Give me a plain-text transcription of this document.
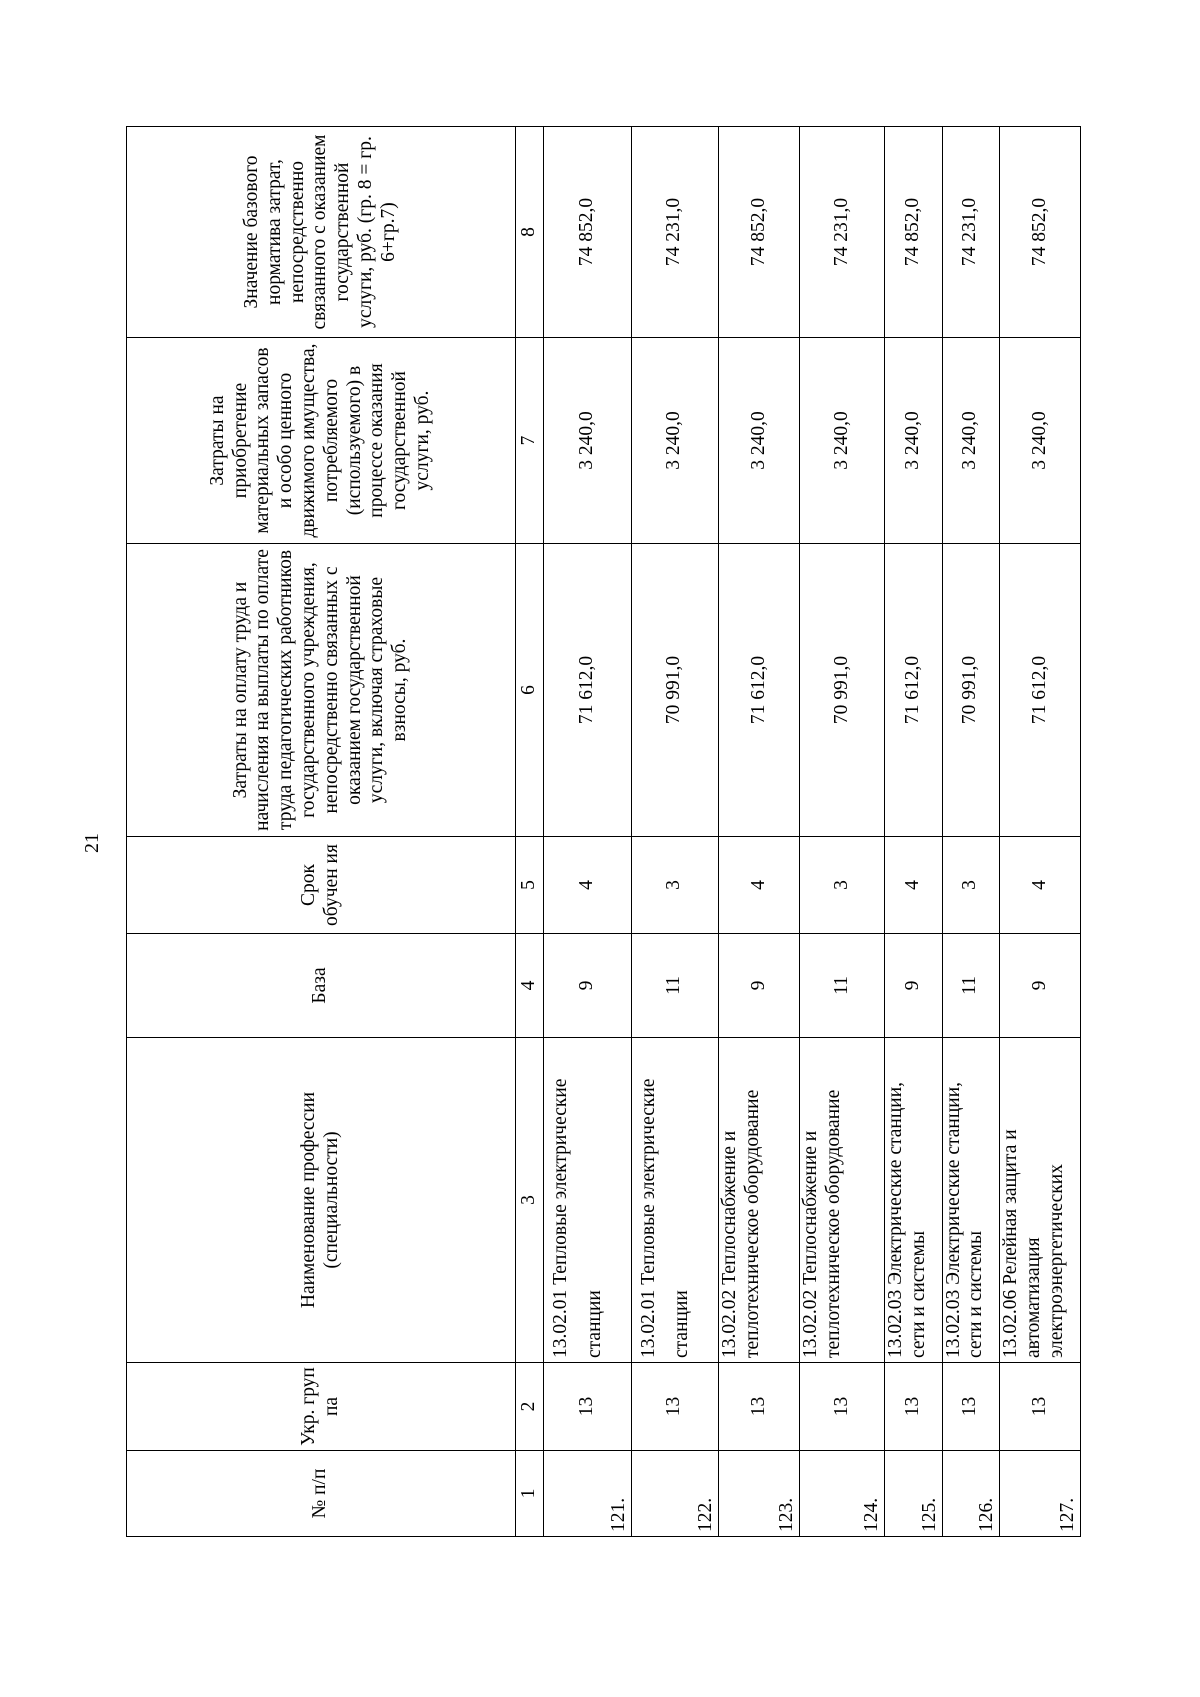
21
№ п/п	Укр. груп па	Наименование профессии (специальности)	База	Срок обучен ия	Затраты на оплату труда и начисления на выплаты по оплате труда педагогических работников государственного учреждения, непосредственно связанных с оказанием государственной услуги, включая страховые взносы, руб.	Затраты на приобретение материальных запасов и особо ценного движимого имущества, потребляемого (используемого) в процессе оказания государственной услуги, руб.	Значение базового норматива затрат, непосредственно связанного с оказанием государственной услуги, руб. (гр. 8 = гр. 6+гр.7)
1	2	3	4	5	6	7	8
121.	13	13.02.01 Тепловые электрические станции	9	4	71 612,0	3 240,0	74 852,0
122.	13	13.02.01 Тепловые электрические станции	11	3	70 991,0	3 240,0	74 231,0
123.	13	13.02.02 Теплоснабжение и теплотехническое оборудование	9	4	71 612,0	3 240,0	74 852,0
124.	13	13.02.02 Теплоснабжение и теплотехническое оборудование	11	3	70 991,0	3 240,0	74 231,0
125.	13	13.02.03 Электрические станции, сети и системы	9	4	71 612,0	3 240,0	74 852,0
126.	13	13.02.03 Электрические станции, сети и системы	11	3	70 991,0	3 240,0	74 231,0
127.	13	13.02.06 Релейная защита и автоматизация электроэнергетических	9	4	71 612,0	3 240,0	74 852,0
